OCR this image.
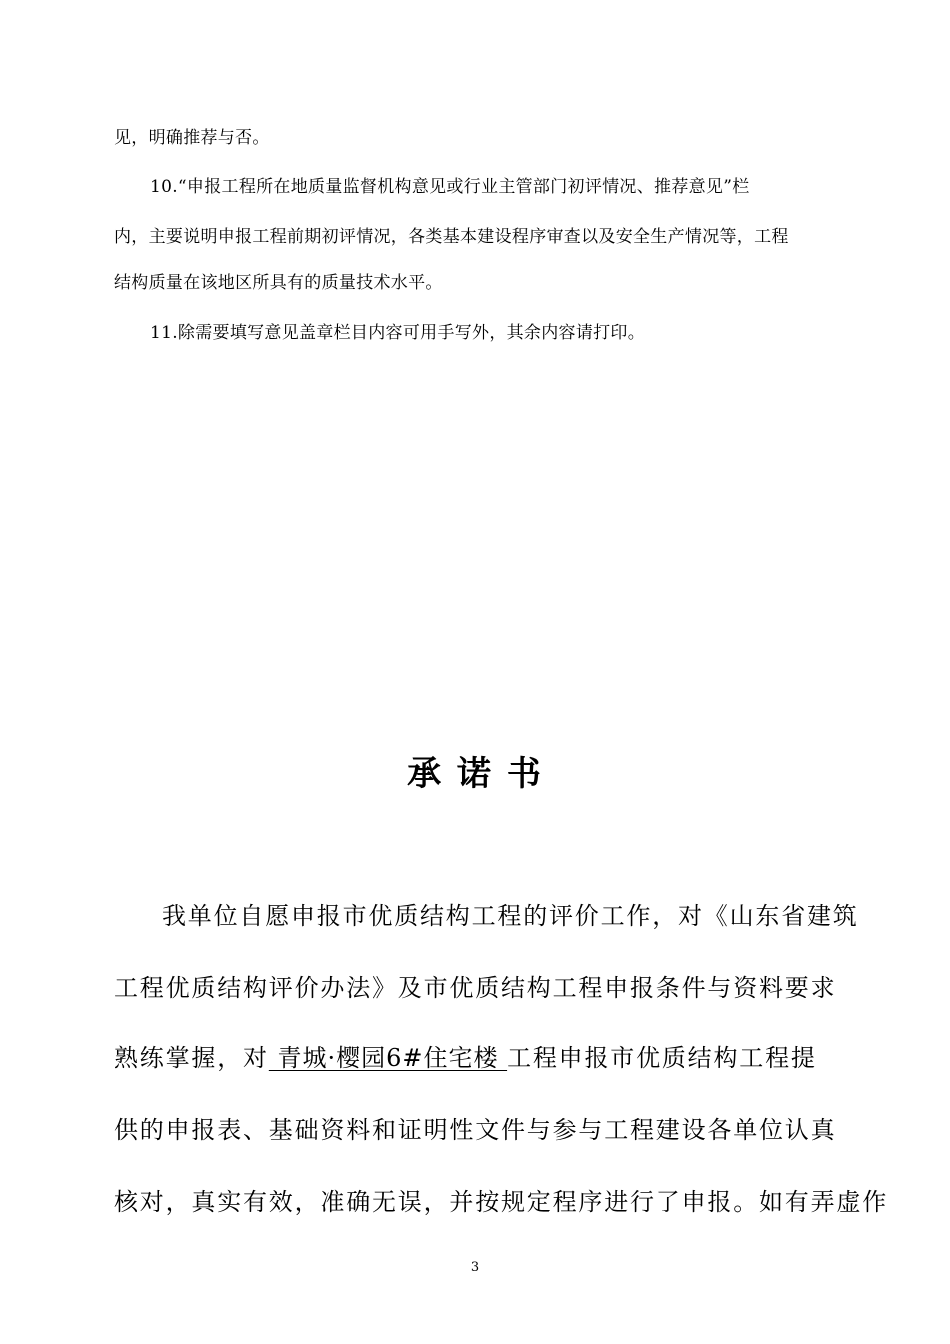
见，明确推荐与否。

10.“申报工程所在地质量监督机构意见或行业主管部门初评情况、推荐意见”栏

内，主要说明申报工程前期初评情况，各类基本建设程序审查以及安全生产情况等，工程

结构质量在该地区所具有的质量技术水平。

11.除需要填写意见盖章栏目内容可用手写外，其余内容请打印。

承 诺 书

我单位自愿申报市优质结构工程的评价工作，对《山东省建筑

工程优质结构评价办法》及市优质结构工程申报条件与资料要求

熟练掌握，对 青城·樱园6#住宅楼 工程申报市优质结构工程提

供的申报表、基础资料和证明性文件与参与工程建设各单位认真

核对，真实有效，准确无误，并按规定程序进行了申报。如有弄虚作

3
